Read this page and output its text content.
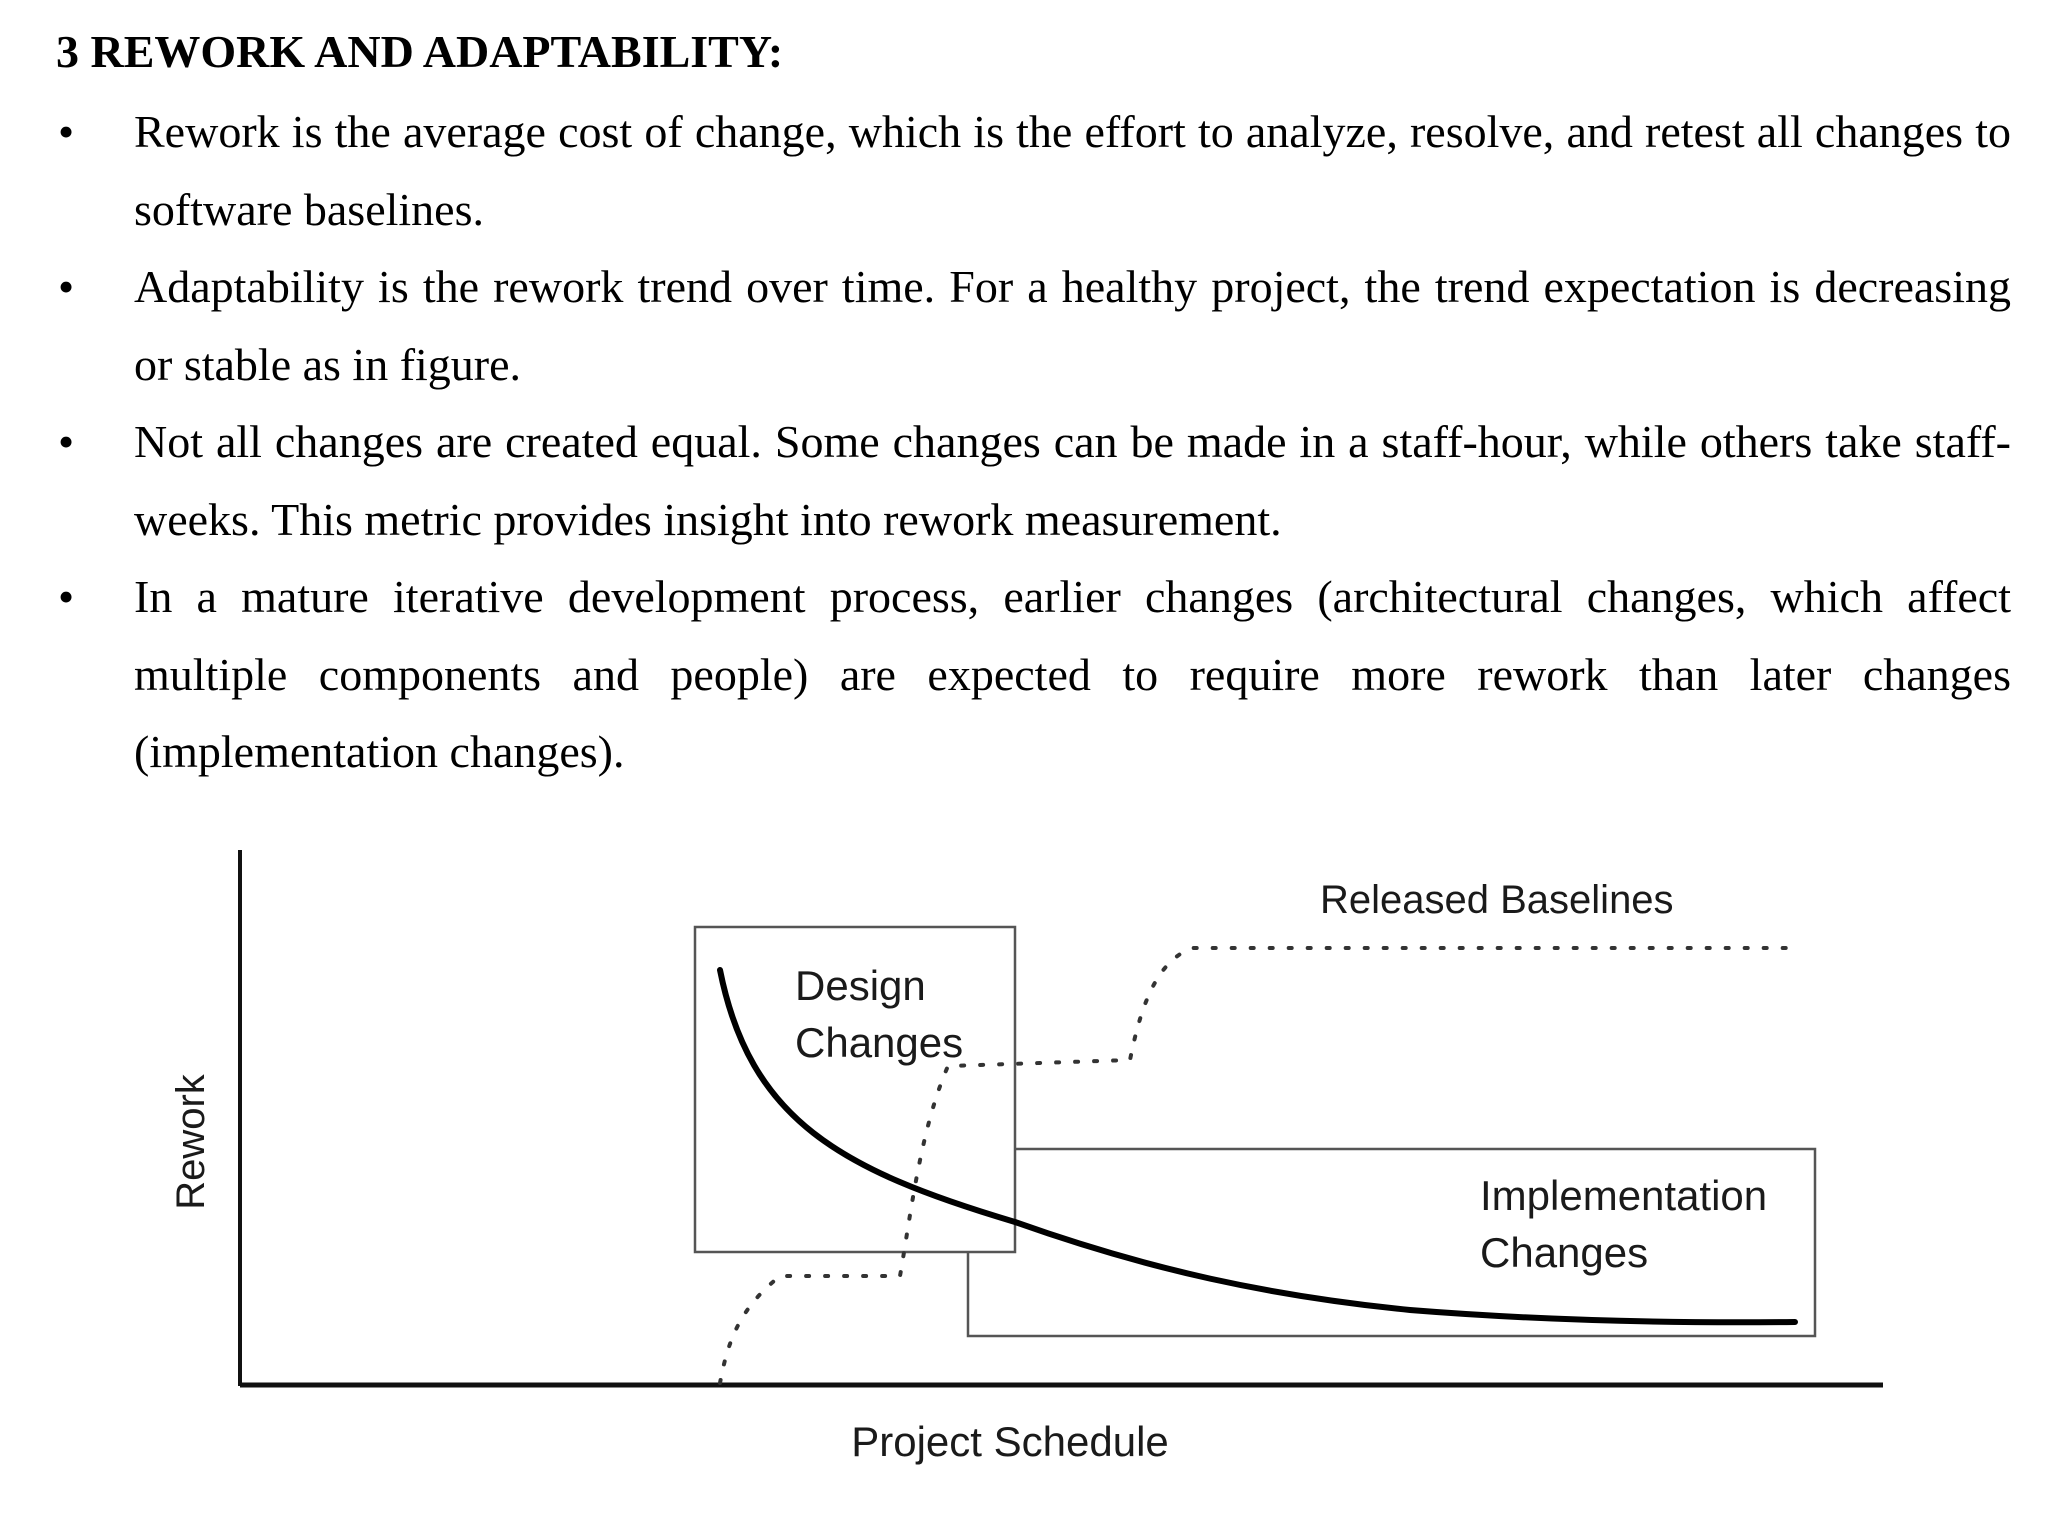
3 REWORK AND ADAPTABILITY:
• Rework is the average cost of change, which is the effort to analyze, resolve, and retest all changes to software baselines.
• Adaptability is the rework trend over time. For a healthy project, the trend expectation is decreasing or stable as in figure.
• Not all changes are created equal. Some changes can be made in a staff-hour, while others take staff-weeks. This metric provides insight into rework measurement.
• In a mature iterative development process, earlier changes (architectural changes, which affect multiple components and people) are expected to require more rework than later changes (implementation changes).
Released Baselines
Design
Changes
Implementation
Changes
Rework
Project Schedule
